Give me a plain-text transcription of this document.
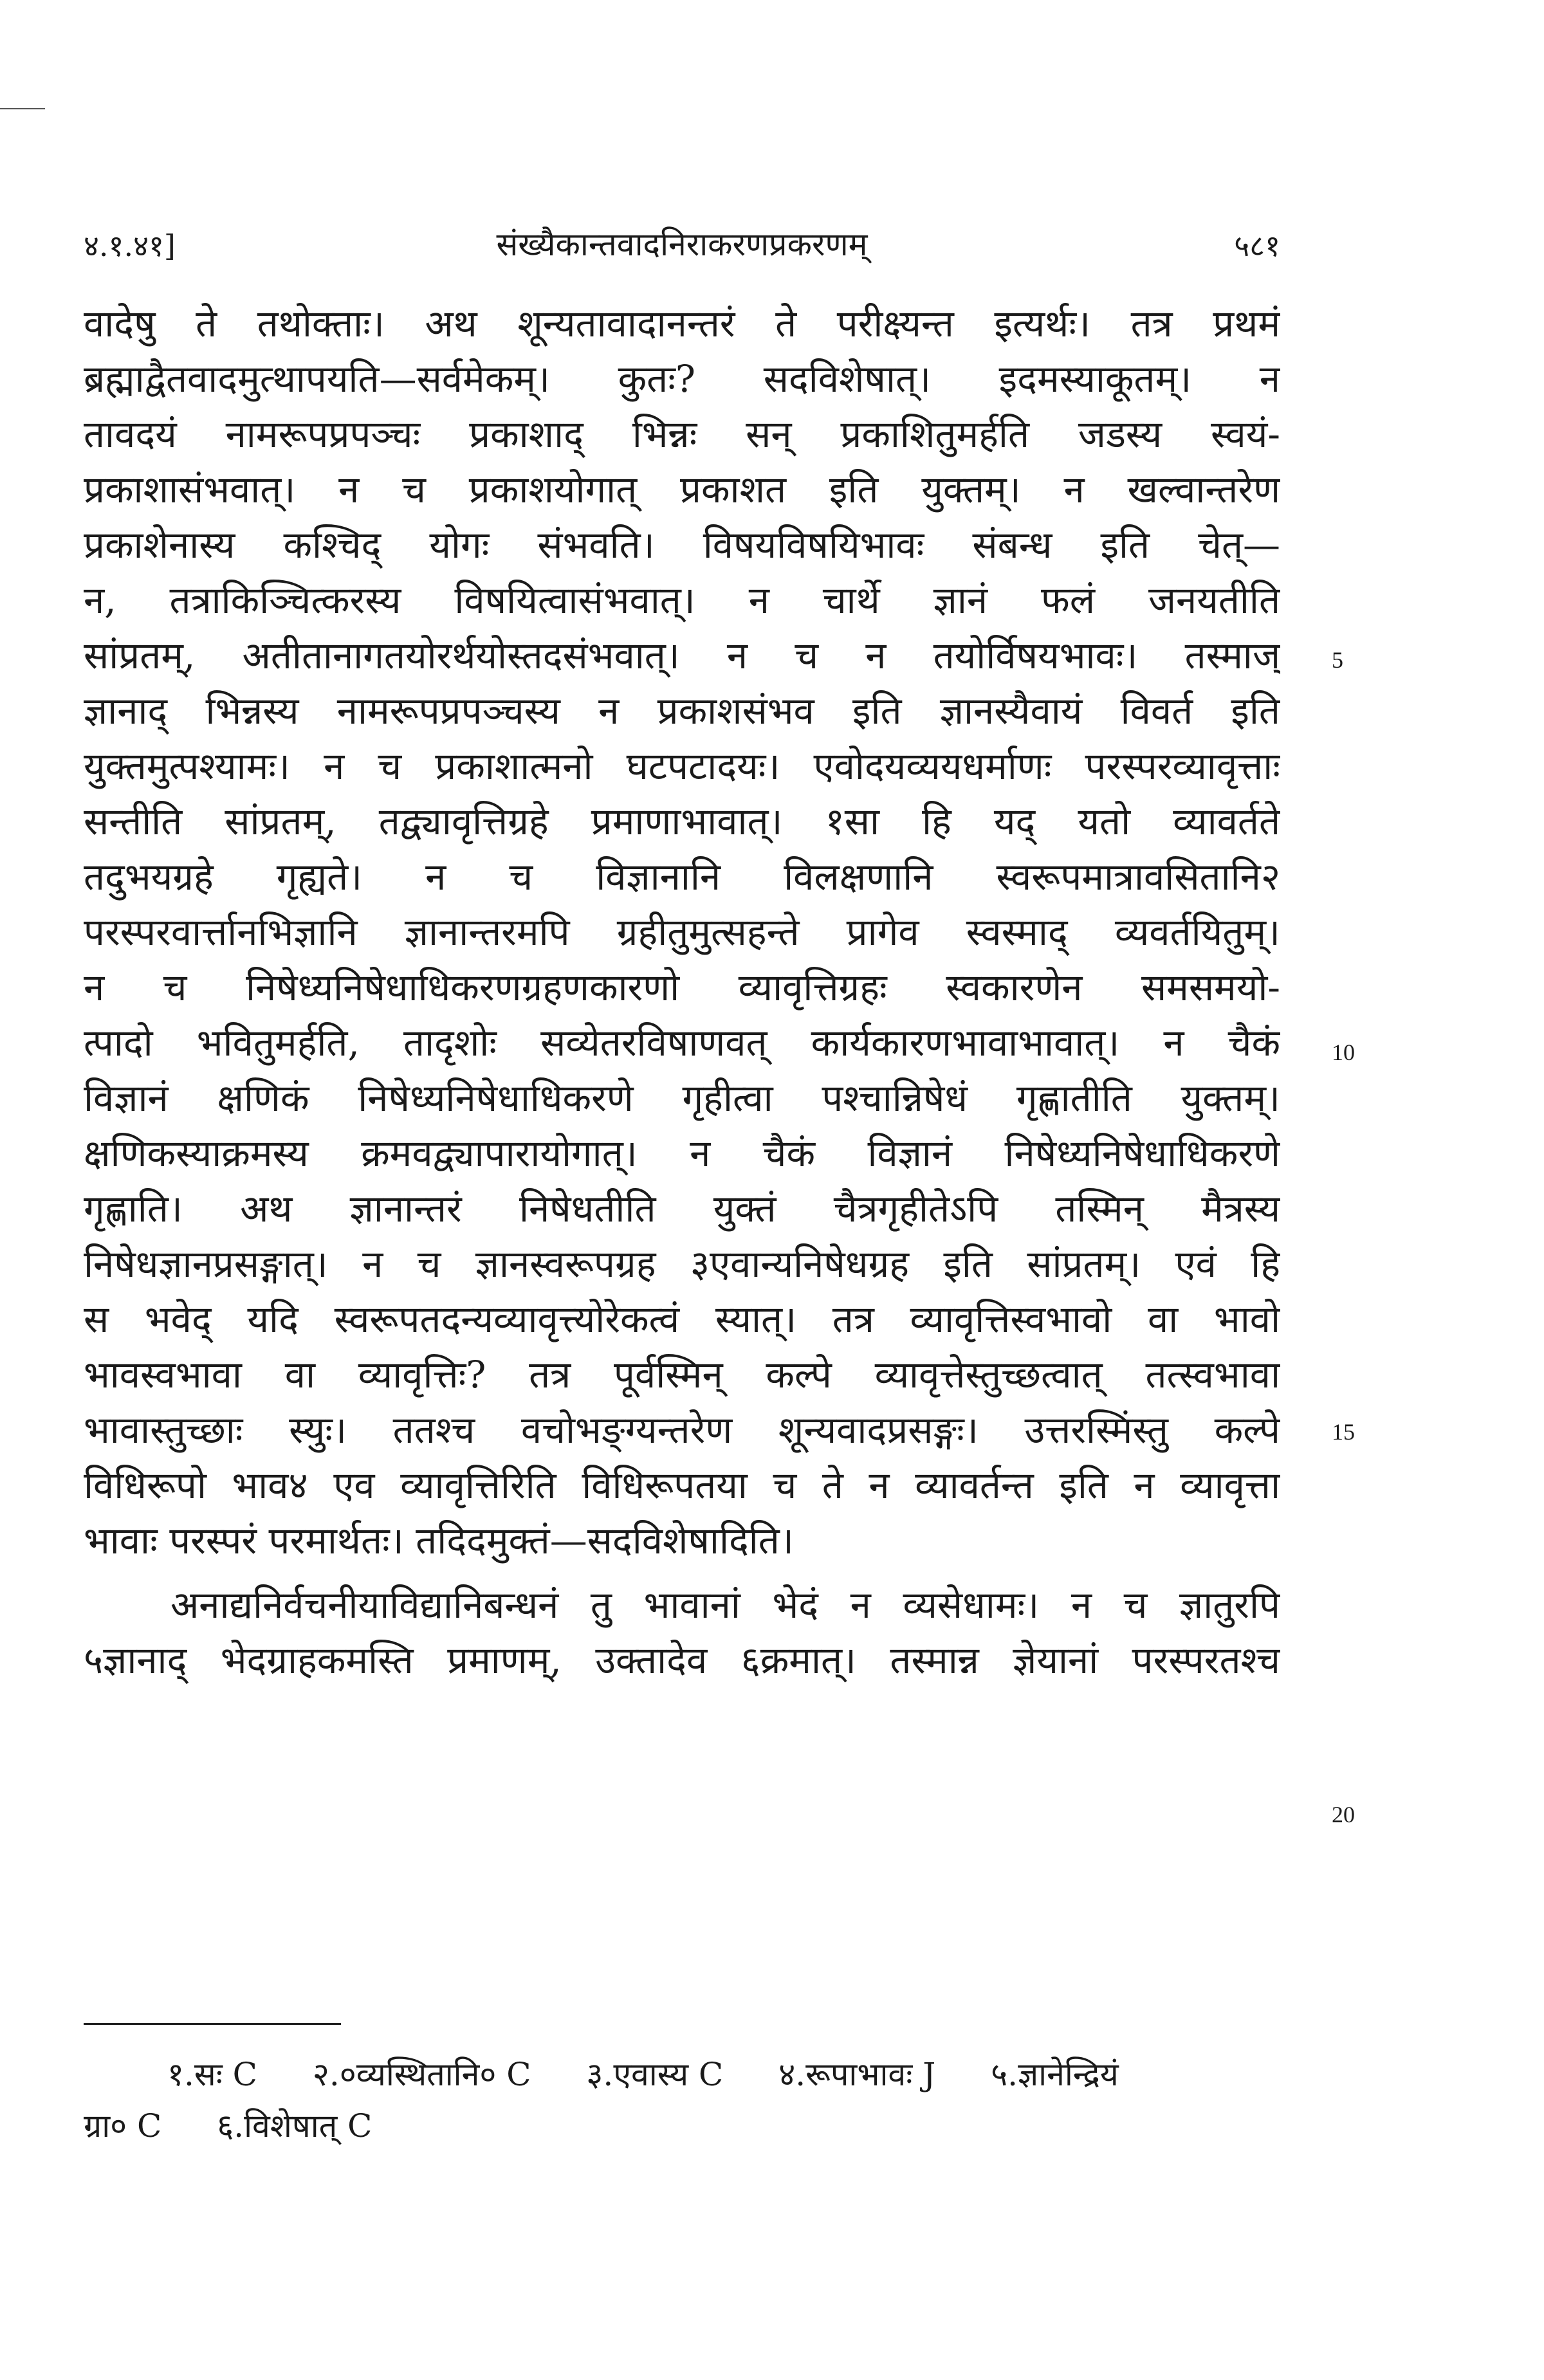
४.१.४१]	संख्यैकान्तवादनिराकरणप्रकरणम्	५८१
वादेषु ते तथोक्ताः। अथ शून्यतावादानन्तरं ते परीक्ष्यन्त इत्यर्थः। तत्र प्रथमं
ब्रह्माद्वैतवादमुत्थापयति—सर्वमेकम्। कुतः? सदविशेषात्। इदमस्याकूतम्। न
तावदयं नामरूपप्रपञ्चः प्रकाशाद् भिन्नः सन् प्रकाशितुमर्हति जडस्य स्वयं-
प्रकाशासंभवात्। न च प्रकाशयोगात् प्रकाशत इति युक्तम्। न खल्वान्तरेण
प्रकाशेनास्य कश्चिद् योगः संभवति। विषयविषयिभावः संबन्ध इति चेत्—
न, तत्राकिञ्चित्करस्य विषयित्वासंभवात्। न चार्थे ज्ञानं फलं जनयतीति
सांप्रतम्, अतीतानागतयोरर्थयोस्तदसंभवात्। न च न तयोर्विषयभावः। तस्माज्
ज्ञानाद् भिन्नस्य नामरूपप्रपञ्चस्य न प्रकाशसंभव इति ज्ञानस्यैवायं विवर्त इति
युक्तमुत्पश्यामः। न च प्रकाशात्मनो घटपटादयः। एवोदयव्ययधर्माणः परस्परव्यावृत्ताः
सन्तीति सांप्रतम्, तद्व्यावृत्तिग्रहे प्रमाणाभावात्। १सा हि यद् यतो व्यावर्तते
तदुभयग्रहे गृह्यते। न च विज्ञानानि विलक्षणानि स्वरूपमात्रावसितानि२
परस्परवार्त्तानभिज्ञानि ज्ञानान्तरमपि ग्रहीतुमुत्सहन्ते प्रागेव स्वस्माद् व्यवर्तयितुम्।
न च निषेध्यनिषेधाधिकरणग्रहणकारणो व्यावृत्तिग्रहः स्वकारणेन समसमयो-
त्पादो भवितुमर्हति, तादृशोः सव्येतरविषाणवत् कार्यकारणभावाभावात्। न चैकं
विज्ञानं क्षणिकं निषेध्यनिषेधाधिकरणे गृहीत्वा पश्चान्निषेधं गृह्णातीति युक्तम्।
क्षणिकस्याक्रमस्य क्रमवद्व्यापारायोगात्। न चैकं विज्ञानं निषेध्यनिषेधाधिकरणे
गृह्णाति। अथ ज्ञानान्तरं निषेधतीति युक्तं चैत्रगृहीतेऽपि तस्मिन् मैत्रस्य
निषेधज्ञानप्रसङ्गात्। न च ज्ञानस्वरूपग्रह ३एवान्यनिषेधग्रह इति सांप्रतम्। एवं हि
स भवेद् यदि स्वरूपतदन्यव्यावृत्त्योरेकत्वं स्यात्। तत्र व्यावृत्तिस्वभावो वा भावो
भावस्वभावा वा व्यावृत्तिः? तत्र पूर्वस्मिन् कल्पे व्यावृत्तेस्तुच्छत्वात् तत्स्वभावा
भावास्तुच्छाः स्युः। ततश्च वचोभङ्ग्यन्तरेण शून्यवादप्रसङ्गः। उत्तरस्मिंस्तु कल्पे
विधिरूपो भाव४ एव व्यावृत्तिरिति विधिरूपतया च ते न व्यावर्तन्त इति न व्यावृत्ता
भावाः परस्परं परमार्थतः। तदिदमुक्तं—सदविशेषादिति।
अनाद्यनिर्वचनीयाविद्यानिबन्धनं तु भावानां भेदं न व्यसेधामः। न च ज्ञातुरपि
५ज्ञानाद् भेदग्राहकमस्ति प्रमाणम्, उक्तादेव ६क्रमात्। तस्मान्न ज्ञेयानां परस्परतश्च
5
10
15
20
१.सः C २.०व्यस्थितानि० C ३.एवास्य C ४.रूपाभावः J ५.ज्ञानेन्द्रियं
ग्रा० C ६.विशेषात् C
